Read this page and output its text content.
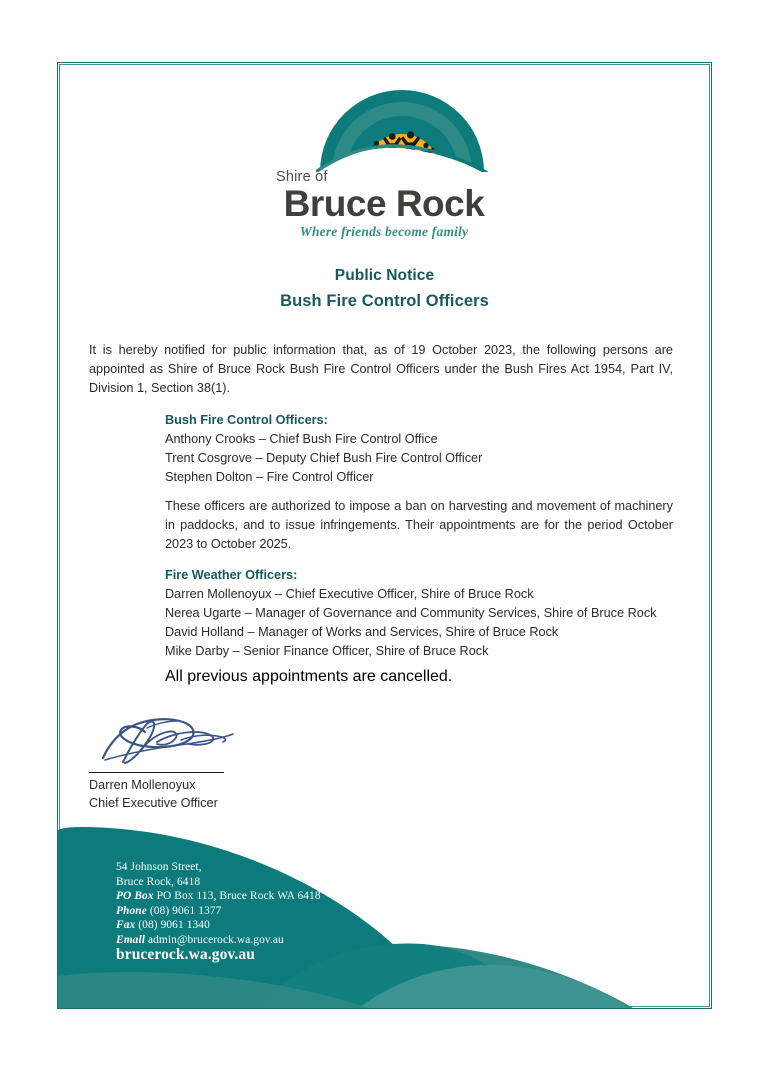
Shire of
Bruce Rock
Where friends become family
Public Notice
Bush Fire Control Officers
It is hereby notified for public information that, as of 19 October 2023, the following persons are appointed as Shire of Bruce Rock Bush Fire Control Officers under the Bush Fires Act 1954, Part IV, Division 1, Section 38(1).

Bush Fire Control Officers:

Anthony Crooks – Chief Bush Fire Control Office

Trent Cosgrove – Deputy Chief Bush Fire Control Officer

Stephen Dolton – Fire Control Officer

These officers are authorized to impose a ban on harvesting and movement of machinery in paddocks, and to issue infringements. Their appointments are for the period October 2023 to October 2025.

Fire Weather Officers:

Darren Mollenoyux – Chief Executive Officer, Shire of Bruce Rock

Nerea Ugarte – Manager of Governance and Community Services, Shire of Bruce Rock

David Holland – Manager of Works and Services, Shire of Bruce Rock

Mike Darby – Senior Finance Officer, Shire of Bruce Rock

All previous appointments are cancelled.
Darren Mollenoyux
Chief Executive Officer
54 Johnson Street,
Bruce Rock, 6418
PO Box PO Box 113, Bruce Rock WA 6418
Phone (08) 9061 1377
Fax (08) 9061 1340
Emall admin@brucerock.wa.gov.au
brucerock.wa.gov.au
